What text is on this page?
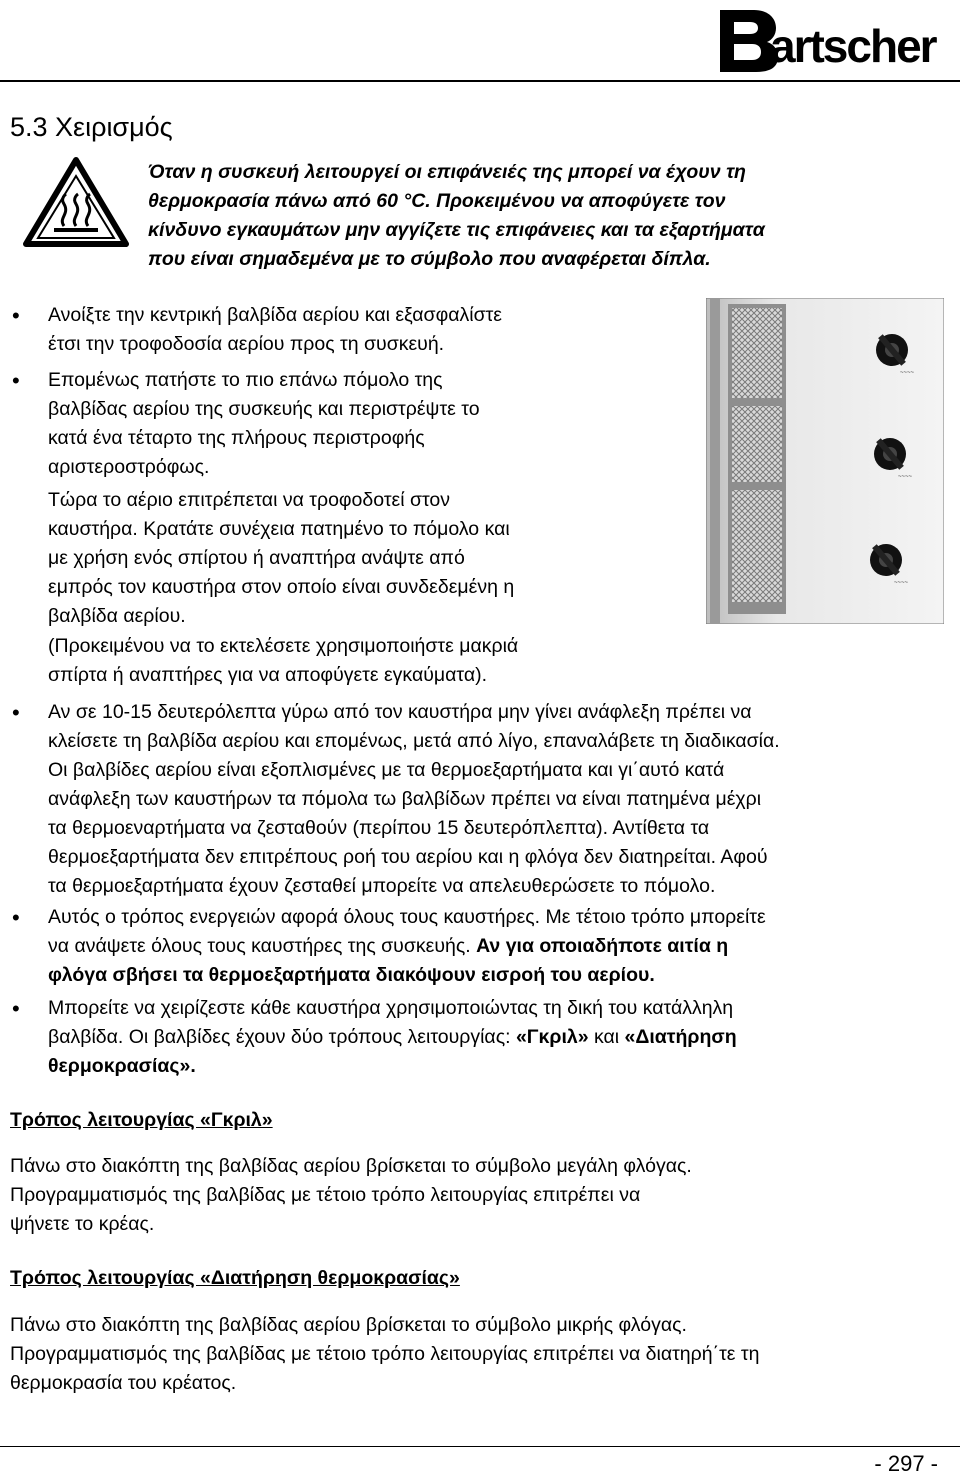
artscher
5.3 Χειρισμός

Όταν η συσκευή λειτουργεί οι επιφάνειές της μπορεί να έχουν τη

θερμοκρασία πάνω από 60 °C. Προκειμένου να αποφύγετε τον

κίνδυνο εγκαυμάτων μην αγγίζετε τις επιφάνειες και τα εξαρτήματα

που είναι σημαδεμένα με το σύμβολο που αναφέρεται δίπλα.

~~~~
~~~~
~~~~
• Ανοίξτε την κεντρική βαλβίδα αερίου και εξασφαλίστε

έτσι την τροφοδοσία αερίου προς τη συσκευή.

• Επομένως πατήστε το πιο επάνω πόμολο της

βαλβίδας αερίου της συσκευής και περιστρέψτε το

κατά ένα τέταρτο της πλήρους περιστροφής

αριστεροστρόφως.

Τώρα το αέριο επιτρέπεται να τροφοδοτεί στον

καυστήρα. Κρατάτε συνέχεια πατημένο το πόμολο και

με χρήση ενός σπίρτου ή αναπτήρα ανάψτε από

εμπρός τον καυστήρα στον οποίο είναι συνδεδεμένη η

βαλβίδα αερίου.

(Προκειμένου να το εκτελέσετε χρησιμοποιήστε μακριά

σπίρτα ή αναπτήρες για να αποφύγετε εγκαύματα).

• Αν σε 10-15 δευτερόλεπτα γύρω από τον καυστήρα μην γίνει ανάφλεξη πρέπει να

κλείσετε τη βαλβίδα αερίου και επομένως, μετά από λίγο, επαναλάβετε τη διαδικασία.

Οι βαλβίδες αερίου είναι εξοπλισμένες με τα θερμοεξαρτήματα και γι΄αυτό κατά

ανάφλεξη των καυστήρων τα πόμολα τω βαλβίδων πρέπει να είναι πατημένα μέχρι

τα θερμοεναρτήματα να ζεσταθούν (περίπου 15 δευτερόπλεπτα). Αντίθετα τα

θερμοεξαρτήματα δεν επιτρέπους ροή του αερίου και η φλόγα δεν διατηρείται. Αφού

τα θερμοεξαρτήματα έχουν ζεσταθεί μπορείτε να απελευθερώσετε το πόμολο.

• Αυτός ο τρόπος ενεργειών αφορά όλους τους καυστήρες. Με τέτοιο τρόπο μπορείτε

να ανάψετε όλους τους καυστήρες της συσκευής. Αν για οποιαδήποτε αιτία η

φλόγα σβήσει τα θερμοεξαρτήματα διακόψουν εισροή του αερίου.

• Μπορείτε να χειρίζεστε κάθε καυστήρα χρησιμοποιώντας τη δική του κατάλληλη

βαλβίδα. Οι βαλβίδες έχουν δύο τρόπους λειτουργίας: «Γκριλ» και «Διατήρηση

θερμοκρασίας».

Τρόπος λειτουργίας «Γκριλ»

Πάνω στο διακόπτη της βαλβίδας αερίου βρίσκεται το σύμβολο μεγάλη φλόγας.

Προγραμματισμός της βαλβίδας με τέτοιο τρόπο λειτουργίας επιτρέπει να

ψήνετε το κρέας.

Τρόπος λειτουργίας «Διατήρηση θερμοκρασίας»

Πάνω στο διακόπτη της βαλβίδας αερίου βρίσκεται το σύμβολο μικρής φλόγας.

Προγραμματισμός της βαλβίδας με τέτοιο τρόπο λειτουργίας επιτρέπει να διατηρή΄τε τη

θερμοκρασία του κρέατος.

- 297 -
